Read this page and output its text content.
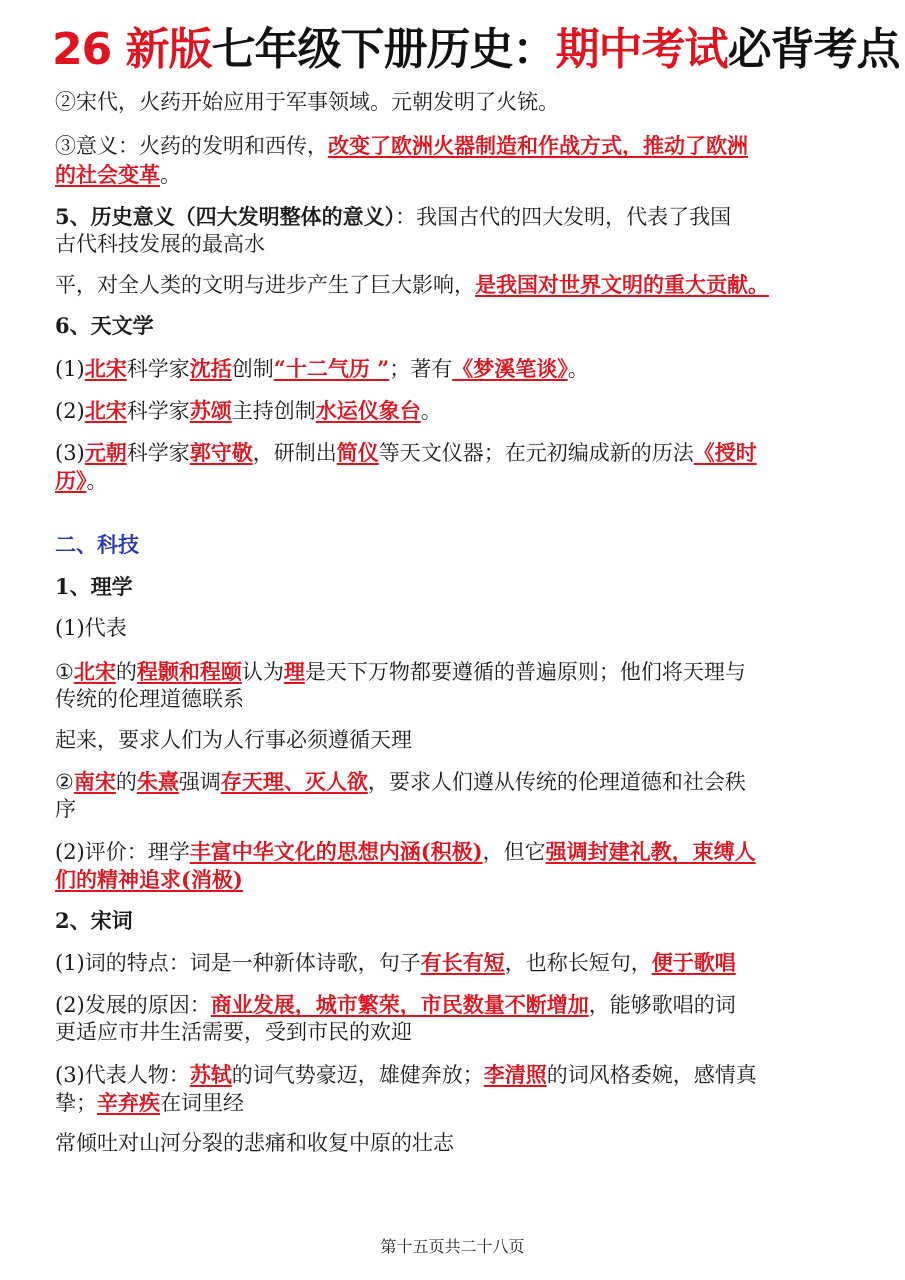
26 新版七年级下册历史：期中考试必背考点
②宋代，火药开始应用于军事领域。元朝发明了火铳。
③意义：火药的发明和西传，改变了欧洲火器制造和作战方式，推动了欧洲
的社会变革。
5、历史意义（四大发明整体的意义）：我国古代的四大发明，代表了我国
古代科技发展的最高水
平，对全人类的文明与进步产生了巨大影响，是我国对世界文明的重大贡献。
6、天文学
(1)北宋科学家沈括创制“十二气历 ”；著有《梦溪笔谈》。
(2)北宋科学家苏颂主持创制水运仪象台。
(3)元朝科学家郭守敬，研制出简仪等天文仪器；在元初编成新的历法《授时
历》。
二、科技
1、理学
(1)代表
①北宋的程颢和程颐认为理是天下万物都要遵循的普遍原则；他们将天理与
传统的伦理道德联系
起来，要求人们为人行事必须遵循天理
②南宋的朱熹强调存天理、灭人欲，要求人们遵从传统的伦理道德和社会秩
序
(2)评价：理学丰富中华文化的思想内涵(积极)，但它强调封建礼教，束缚人
们的精神追求(消极)
2、宋词
(1)词的特点：词是一种新体诗歌，句子有长有短，也称长短句，便于歌唱
(2)发展的原因：商业发展，城市繁荣，市民数量不断增加，能够歌唱的词
更适应市井生活需要，受到市民的欢迎
(3)代表人物：苏轼的词气势豪迈，雄健奔放；李清照的词风格委婉，感情真
挚；辛弃疾在词里经
常倾吐对山河分裂的悲痛和收复中原的壮志
第十五页共二十八页
